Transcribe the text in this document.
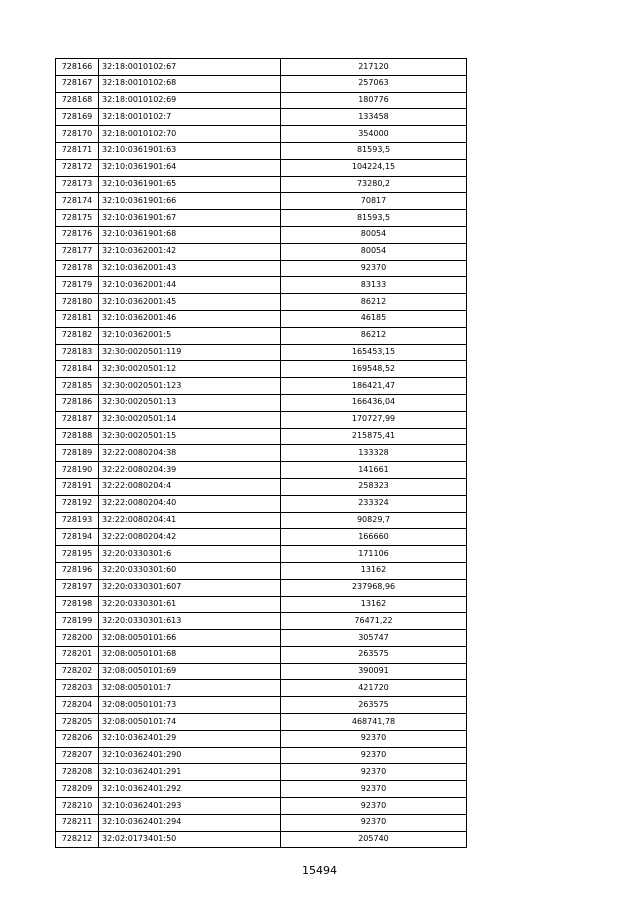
728166	32:18:0010102:67	217120
728167	32:18:0010102:68	257063
728168	32:18:0010102:69	180776
728169	32:18:0010102:7	133458
728170	32:18:0010102:70	354000
728171	32:10:0361901:63	81593,5
728172	32:10:0361901:64	104224,15
728173	32:10:0361901:65	73280,2
728174	32:10:0361901:66	70817
728175	32:10:0361901:67	81593,5
728176	32:10:0361901:68	80054
728177	32:10:0362001:42	80054
728178	32:10:0362001:43	92370
728179	32:10:0362001:44	83133
728180	32:10:0362001:45	86212
728181	32:10:0362001:46	46185
728182	32:10:0362001:5	86212
728183	32:30:0020501:119	165453,15
728184	32:30:0020501:12	169548,52
728185	32:30:0020501:123	186421,47
728186	32:30:0020501:13	166436,04
728187	32:30:0020501:14	170727,99
728188	32:30:0020501:15	215875,41
728189	32:22:0080204:38	133328
728190	32:22:0080204:39	141661
728191	32:22:0080204:4	258323
728192	32:22:0080204:40	233324
728193	32:22:0080204:41	90829,7
728194	32:22:0080204:42	166660
728195	32:20:0330301:6	171106
728196	32:20:0330301:60	13162
728197	32:20:0330301:607	237968,96
728198	32:20:0330301:61	13162
728199	32:20:0330301:613	76471,22
728200	32:08:0050101:66	305747
728201	32:08:0050101:68	263575
728202	32:08:0050101:69	390091
728203	32:08:0050101:7	421720
728204	32:08:0050101:73	263575
728205	32:08:0050101:74	468741,78
728206	32:10:0362401:29	92370
728207	32:10:0362401:290	92370
728208	32:10:0362401:291	92370
728209	32:10:0362401:292	92370
728210	32:10:0362401:293	92370
728211	32:10:0362401:294	92370
728212	32:02:0173401:50	205740
15494
